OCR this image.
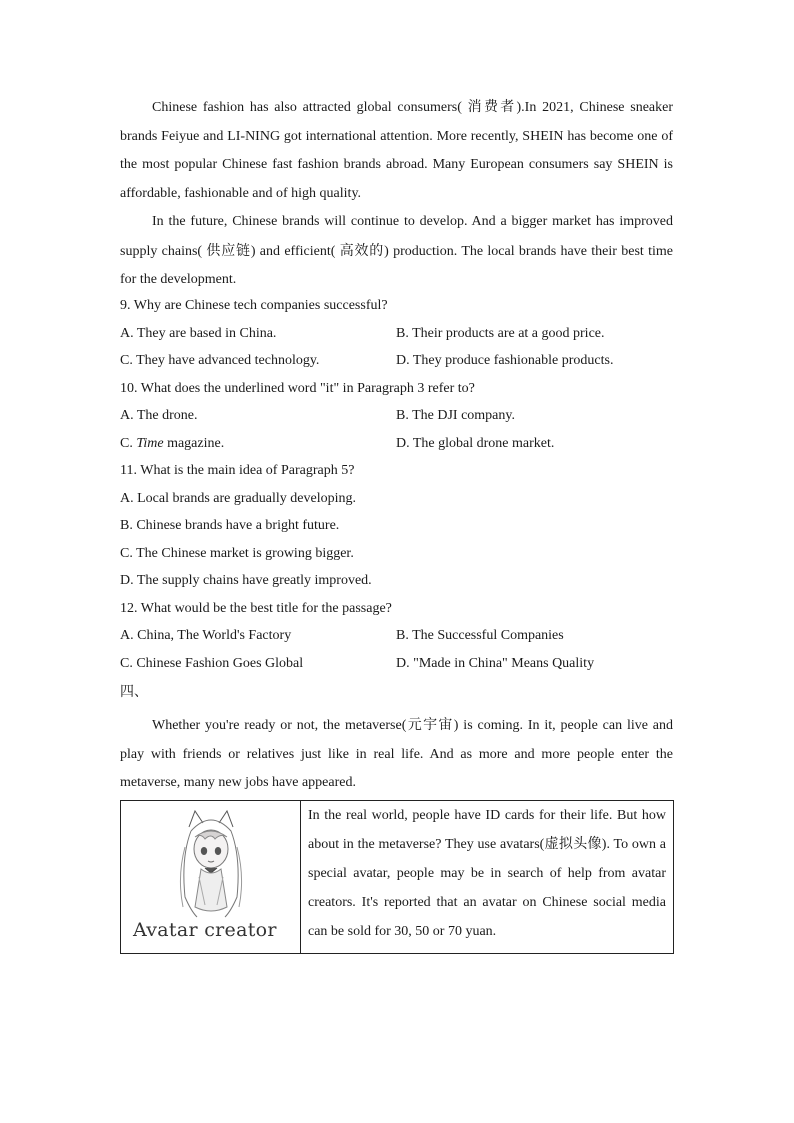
Chinese fashion has also attracted global consumers( 消费者).In 2021, Chinese sneaker brands Feiyue and LI-NING got international attention. More recently, SHEIN has become one of the most popular Chinese fast fashion brands abroad. Many European consumers say SHEIN is affordable, fashionable and of high quality.

In the future, Chinese brands will continue to develop. And a bigger market has improved supply chains( 供应链) and efficient( 高效的) production. The local brands have their best time for the development.

9. Why are Chinese tech companies successful?
A. They are based in China.	B. Their products are at a good price.
C. They have advanced technology.	D. They produce fashionable products.
10. What does the underlined word "it" in Paragraph 3 refer to?
A. The drone.	B. The DJI company.
C. Time magazine.	D. The global drone market.
11. What is the main idea of Paragraph 5?
A. Local brands are gradually developing.
B. Chinese brands have a bright future.
C. The Chinese market is growing bigger.
D. The supply chains have greatly improved.
12. What would be the best title for the passage?
A. China, The World's Factory	B. The Successful Companies
C. Chinese Fashion Goes Global	D. "Made in China" Means Quality
四、

Whether you're ready or not, the metaverse(元宇宙) is coming. In it, people can live and play with friends or relatives just like in real life. And as more and more people enter the metaverse, many new jobs have appeared.

Avatar creator

In the real world, people have ID cards for their life. But how about in the metaverse? They use avatars(虚拟头像). To own a special avatar, people may be in search of help from avatar creators. It's reported that an avatar on Chinese social media can be sold for 30, 50 or 70 yuan.
